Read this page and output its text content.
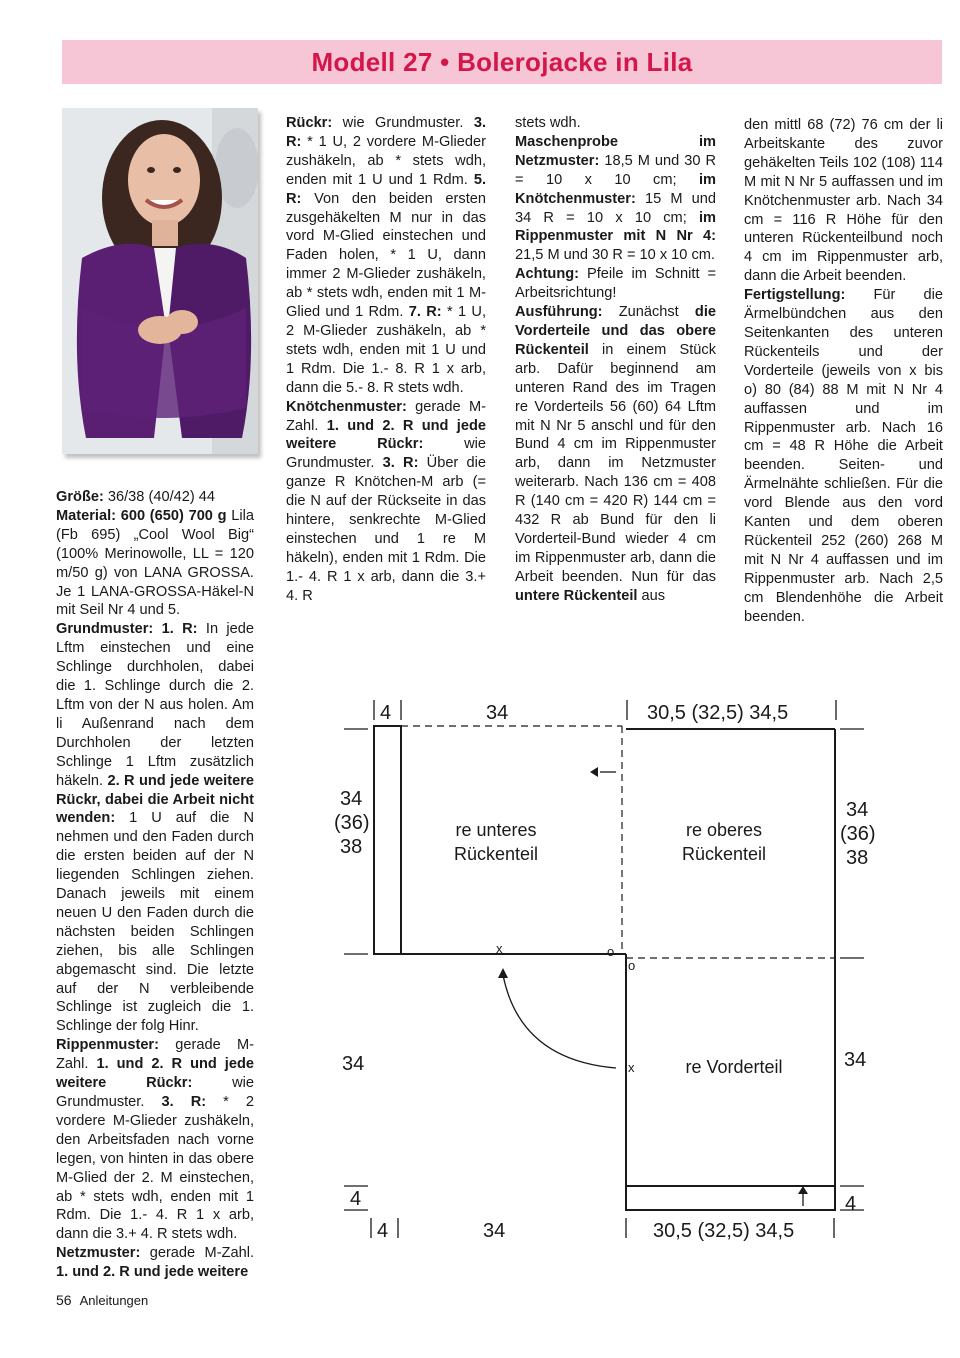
Modell 27 • Bolerojacke in Lila

Größe: 36/38 (40/42) 44

Material: 600 (650) 700 g Lila (Fb 695) „Cool Wool Big“ (100% Merinowolle, LL = 120 m/50 g) von LANA GROSSA. Je 1 LANA-GROSSA-Häkel-N mit Seil Nr 4 und 5.

Grundmuster: 1. R: In jede Lftm einstechen und eine Schlinge durchholen, dabei die 1. Schlinge durch die 2. Lftm von der N aus holen. Am li Außenrand nach dem Durchholen der letzten Schlinge 1 Lftm zusätzlich häkeln. 2. R und jede weitere Rückr, dabei die Arbeit nicht wenden: 1 U auf die N nehmen und den Faden durch die ersten beiden auf der N liegenden Schlingen ziehen. Danach jeweils mit einem neuen U den Faden durch die nächsten beiden Schlingen ziehen, bis alle Schlingen abgemascht sind. Die letzte auf der N verbleibende Schlinge ist zugleich die 1. Schlinge der folg Hinr.

Rippenmuster: gerade M-Zahl. 1. und 2. R und jede weitere Rückr: wie Grundmuster. 3. R: * 2 vordere M-Glieder zushäkeln, den Arbeitsfaden nach vorne legen, von hinten in das obere M-Glied der 2. M einstechen, ab * stets wdh, enden mit 1 Rdm. Die 1.- 4. R 1 x arb, dann die 3.+ 4. R stets wdh.

Netzmuster: gerade M-Zahl. 1. und 2. R und jede weitere

Rückr: wie Grundmuster. 3. R: * 1 U, 2 vordere M-Glieder zushäkeln, ab * stets wdh, enden mit 1 U und 1 Rdm. 5. R: Von den beiden ersten zusgehäkelten M nur in das vord M-Glied einstechen und Faden holen, * 1 U, dann immer 2 M-Glieder zushäkeln, ab * stets wdh, enden mit 1 M-Glied und 1 Rdm. 7. R: * 1 U, 2 M-Glieder zushäkeln, ab * stets wdh, enden mit 1 U und 1 Rdm. Die 1.- 8. R 1 x arb, dann die 5.- 8. R stets wdh.

Knötchenmuster: gerade M-Zahl. 1. und 2. R und jede weitere Rückr: wie Grundmuster. 3. R: Über die ganze R Knötchen-M arb (= die N auf der Rückseite in das hintere, senkrechte M-Glied einstechen und 1 re M häkeln), enden mit 1 Rdm. Die 1.- 4. R 1 x arb, dann die 3.+ 4. R

stets wdh.

Maschenprobe im Netzmuster: 18,5 M und 30 R = 10 x 10 cm; im Knötchenmuster: 15 M und 34 R = 10 x 10 cm; im Rippenmuster mit N Nr 4: 21,5 M und 30 R = 10 x 10 cm.

Achtung: Pfeile im Schnitt = Arbeitsrichtung!

Ausführung: Zunächst die Vorderteile und das obere Rückenteil in einem Stück arb. Dafür beginnend am unteren Rand des im Tragen re Vorderteils 56 (60) 64 Lftm mit N Nr 5 anschl und für den Bund 4 cm im Rippenmuster arb, dann im Netzmuster weiterarb. Nach 136 cm = 408 R (140 cm = 420 R) 144 cm = 432 R ab Bund für den li Vorderteil-Bund wieder 4 cm im Rippenmuster arb, dann die Arbeit beenden. Nun für das untere Rückenteil aus

den mittl 68 (72) 76 cm der li Arbeitskante des zuvor gehäkelten Teils 102 (108) 114 M mit N Nr 5 auffassen und im Knötchenmuster arb. Nach 34 cm = 116 R Höhe für den unteren Rückenteilbund noch 4 cm im Rippenmuster arb, dann die Arbeit beenden.

Fertigstellung: Für die Ärmelbündchen aus den Seitenkanten des unteren Rückenteils und der Vorderteile (jeweils von x bis o) 80 (84) 88 M mit N Nr 4 auffassen und im Rippenmuster arb. Nach 16 cm = 48 R Höhe die Arbeit beenden. Seiten- und Ärmelnähte schließen. Für die vord Blende aus den vord Kanten und dem oberen Rückenteil 252 (260) 268 M mit N Nr 4 auffassen und im Rippenmuster arb. Nach 2,5 cm Blendenhöhe die Arbeit beenden.

4	34	30,5 (32,5) 34,5
34
(36)
38
34
(36)
38
34	34
4	4
4	34	30,5 (32,5) 34,5
re unteres
Rückenteil
re oberes
Rückenteil
re Vorderteil
x	o
o
x
56 Anleitungen
